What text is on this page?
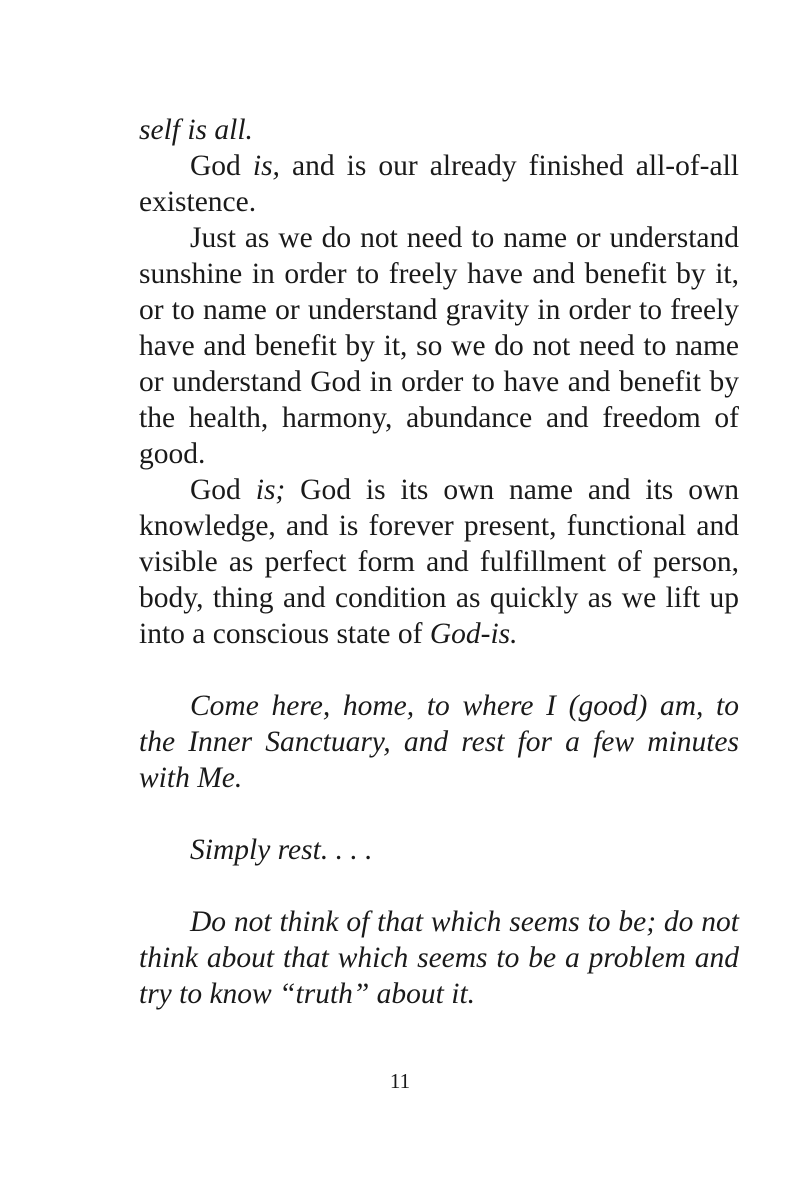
self is all.

God is, and is our already finished all-of-all existence.

Just as we do not need to name or understand sunshine in order to freely have and benefit by it, or to name or understand gravity in order to freely have and benefit by it, so we do not need to name or understand God in order to have and benefit by the health, harmony, abundance and freedom of good.

God is; God is its own name and its own knowledge, and is forever present, functional and visible as perfect form and fulfillment of person, body, thing and condition as quickly as we lift up into a conscious state of God-is.

Come here, home, to where I (good) am, to the Inner Sanctuary, and rest for a few minutes with Me.

Simply rest. . . .

Do not think of that which seems to be; do not think about that which seems to be a problem and try to know “truth” about it.

11
